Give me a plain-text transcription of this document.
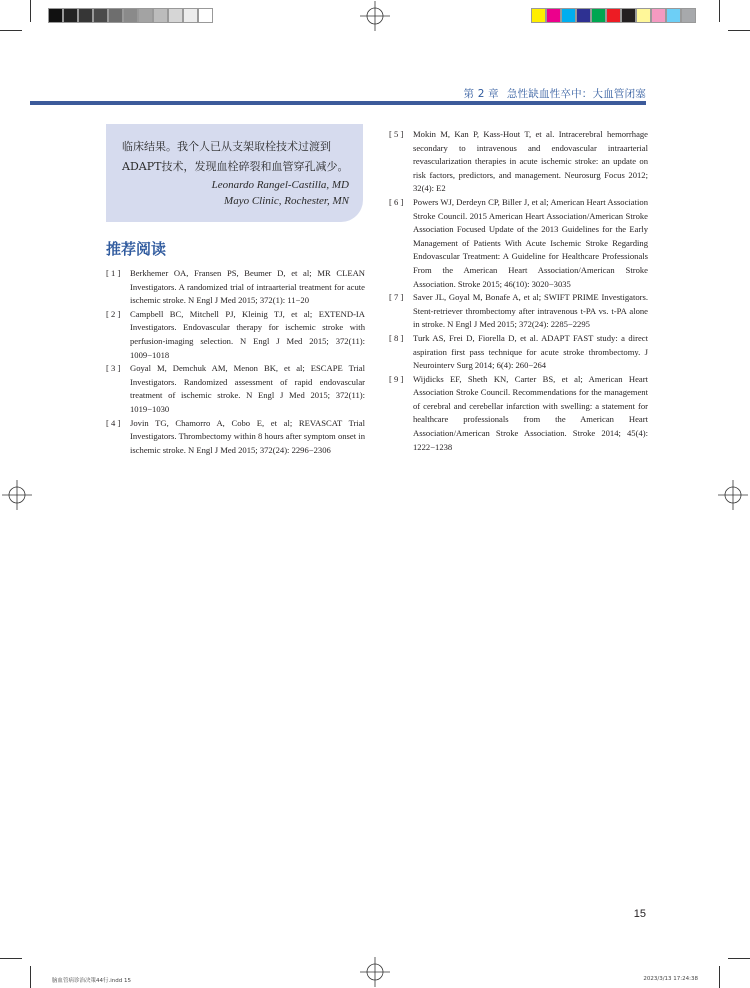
第 2 章 急性缺血性卒中：大血管闭塞
临床结果。我个人已从支架取栓技术过渡到
ADAPT技术，发现血栓碎裂和血管穿孔减少。
Leonardo Rangel-Castilla, MD
Mayo Clinic, Rochester, MN
推荐阅读
[ 1 ]	Berkhemer OA, Fransen PS, Beumer D, et al; MR CLEAN Investigators. A randomized trial of intraarterial treatment for acute ischemic stroke. N Engl J Med 2015; 372(1): 11−20
[ 2 ]	Campbell BC, Mitchell PJ, Kleinig TJ, et al; EXTEND-IA Investigators. Endovascular therapy for ischemic stroke with perfusion-imaging selection. N Engl J Med 2015; 372(11): 1009−1018
[ 3 ]	Goyal M, Demchuk AM, Menon BK, et al; ESCAPE Trial Investigators. Randomized assessment of rapid endovascular treatment of ischemic stroke. N Engl J Med 2015; 372(11): 1019−1030
[ 4 ]	Jovin TG, Chamorro A, Cobo E, et al; REVASCAT Trial Investigators. Thrombectomy within 8 hours after symptom onset in ischemic stroke. N Engl J Med 2015; 372(24): 2296−2306
[ 5 ]	Mokin M, Kan P, Kass-Hout T, et al. Intracerebral hemorrhage secondary to intravenous and endovascular intraarterial revascularization therapies in acute ischemic stroke: an update on risk factors, predictors, and management. Neurosurg Focus 2012; 32(4): E2
[ 6 ]	Powers WJ, Derdeyn CP, Biller J, et al; American Heart Association Stroke Council. 2015 American Heart Association/American Stroke Association Focused Update of the 2013 Guidelines for the Early Management of Patients With Acute Ischemic Stroke Regarding Endovascular Treatment: A Guideline for Healthcare Professionals From the American Heart Association/American Stroke Association. Stroke 2015; 46(10): 3020−3035
[ 7 ]	Saver JL, Goyal M, Bonafe A, et al; SWIFT PRIME Investigators. Stent-retriever thrombectomy after intravenous t-PA vs. t-PA alone in stroke. N Engl J Med 2015; 372(24): 2285−2295
[ 8 ]	Turk AS, Frei D, Fiorella D, et al. ADAPT FAST study: a direct aspiration first pass technique for acute stroke thrombectomy. J Neurointerv Surg 2014; 6(4): 260−264
[ 9 ]	Wijdicks EF, Sheth KN, Carter BS, et al; American Heart Association Stroke Council. Recommendations for the management of cerebral and cerebellar infarction with swelling: a statement for healthcare professionals from the American Heart Association/American Stroke Association. Stroke 2014; 45(4): 1222−1238
15
脑血管病诊治决策44行.indd 15	2023/3/13 17:24:38
